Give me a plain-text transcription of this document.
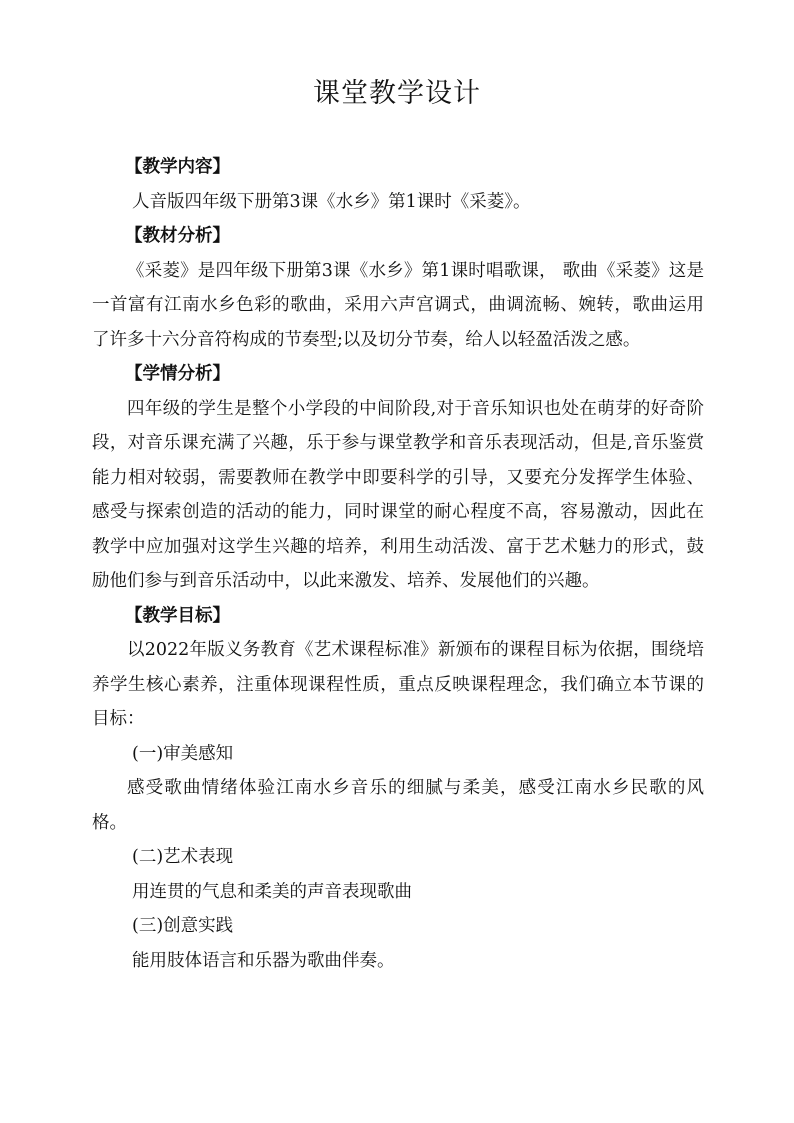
课堂教学设计
【教学内容】
人音版四年级下册第3课《水乡》第1课时《采菱》。
【教材分析】

《采菱》是四年级下册第3课《水乡》第1课时唱歌课， 歌曲《采菱》这是一首富有江南水乡色彩的歌曲，采用六声宫调式，曲调流畅、婉转，歌曲运用了许多十六分音符构成的节奏型;以及切分节奏，给人以轻盈活泼之感。

【学情分析】

四年级的学生是整个小学段的中间阶段,对于音乐知识也处在萌芽的好奇阶段，对音乐课充满了兴趣，乐于参与课堂教学和音乐表现活动，但是,音乐鉴赏能力相对较弱，需要教师在教学中即要科学的引导，又要充分发挥学生体验、感受与探索创造的活动的能力，同时课堂的耐心程度不高，容易激动，因此在教学中应加强对这学生兴趣的培养，利用生动活泼、富于艺术魅力的形式，鼓励他们参与到音乐活动中，以此来激发、培养、发展他们的兴趣。

【教学目标】

以2022年版义务教育《艺术课程标准》新颁布的课程目标为依据，围绕培养学生核心素养，注重体现课程性质，重点反映课程理念，我们确立本节课的目标：

(一)审美感知

感受歌曲情绪体验江南水乡音乐的细腻与柔美，感受江南水乡民歌的风格。

(二)艺术表现
用连贯的气息和柔美的声音表现歌曲
(三)创意实践
能用肢体语言和乐器为歌曲伴奏。
